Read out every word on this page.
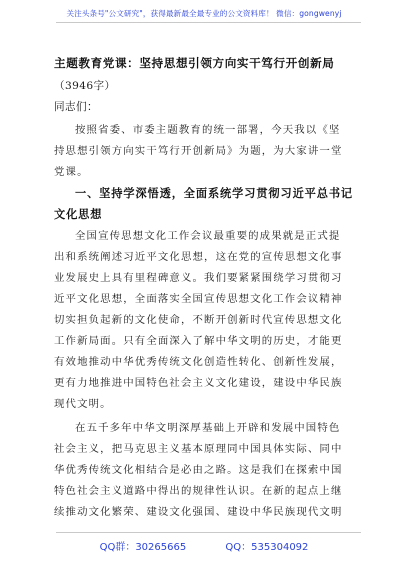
关注头条号"公文研究"，获得最新最全最专业的公文资料库！ 微信：gongwenyj
主题教育党课：坚持思想引领方向实干笃行开创新局
（3946字）
同志们：
按照省委、市委主题教育的统一部署，今天我以《坚
持思想引领方向实干笃行开创新局》为题，为大家讲一堂
党课。
一、坚持学深悟透，全面系统学习贯彻习近平总书记
文化思想
全国宣传思想文化工作会议最重要的成果就是正式提
出和系统阐述习近平文化思想，这在党的宣传思想文化事
业发展史上具有里程碑意义。我们要紧紧围绕学习贯彻习
近平文化思想，全面落实全国宣传思想文化工作会议精神
切实担负起新的文化使命，不断开创新时代宣传思想文化
工作新局面。只有全面深入了解中华文明的历史，才能更
有效地推动中华优秀传统文化创造性转化、创新性发展，
更有力地推进中国特色社会主义文化建设，建设中华民族
现代文明。
在五千多年中华文明深厚基础上开辟和发展中国特色
社会主义，把马克思主义基本原理同中国具体实际、同中
华优秀传统文化相结合是必由之路。这是我们在探索中国
特色社会主义道路中得出的规律性认识。在新的起点上继
续推动文化繁荣、建设文化强国、建设中华民族现代文明
QQ群：30265665	QQ：535304092
